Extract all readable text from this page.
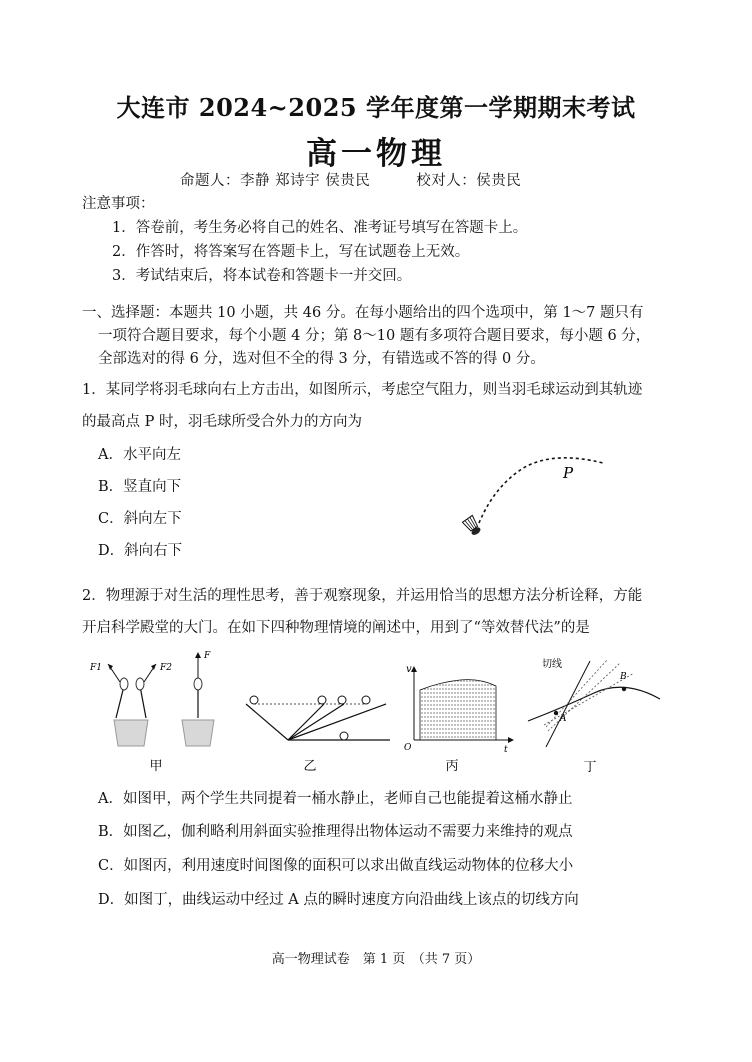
大连市 2024~2025 学年度第一学期期末考试
高一物理
命题人：李静 郑诗宇 侯贵民	校对人：侯贵民
注意事项：
1．答卷前，考生务必将自己的姓名、准考证号填写在答题卡上。
2．作答时，将答案写在答题卡上，写在试题卷上无效。
3．考试结束后，将本试卷和答题卡一并交回。
一、选择题：本题共 10 小题，共 46 分。在每小题给出的四个选项中，第 1～7 题只有
一项符合题目要求，每个小题 4 分；第 8～10 题有多项符合题目要求，每小题 6 分，
全部选对的得 6 分，选对但不全的得 3 分，有错选或不答的得 0 分。
1．某同学将羽毛球向右上方击出，如图所示，考虑空气阻力，则当羽毛球运动到其轨迹
的最高点 P 时，羽毛球所受合外力的方向为
A．水平向左
B．竖直向下
C．斜向左下
D．斜向右下
P
2．物理源于对生活的理性思考，善于观察现象，并运用恰当的思想方法分析诠释，方能
开启科学殿堂的大门。在如下四种物理情境的阐述中，用到了“等效替代法”的是
F1	F2
F
甲	乙
v
O	t
丙
A
B
切线
丁
A．如图甲，两个学生共同提着一桶水静止，老师自己也能提着这桶水静止
B．如图乙，伽利略利用斜面实验推理得出物体运动不需要力来维持的观点
C．如图丙，利用速度时间图像的面积可以求出做直线运动物体的位移大小
D．如图丁，曲线运动中经过 A 点的瞬时速度方向沿曲线上该点的切线方向
高一物理试卷　第 1 页　（共 7 页）
